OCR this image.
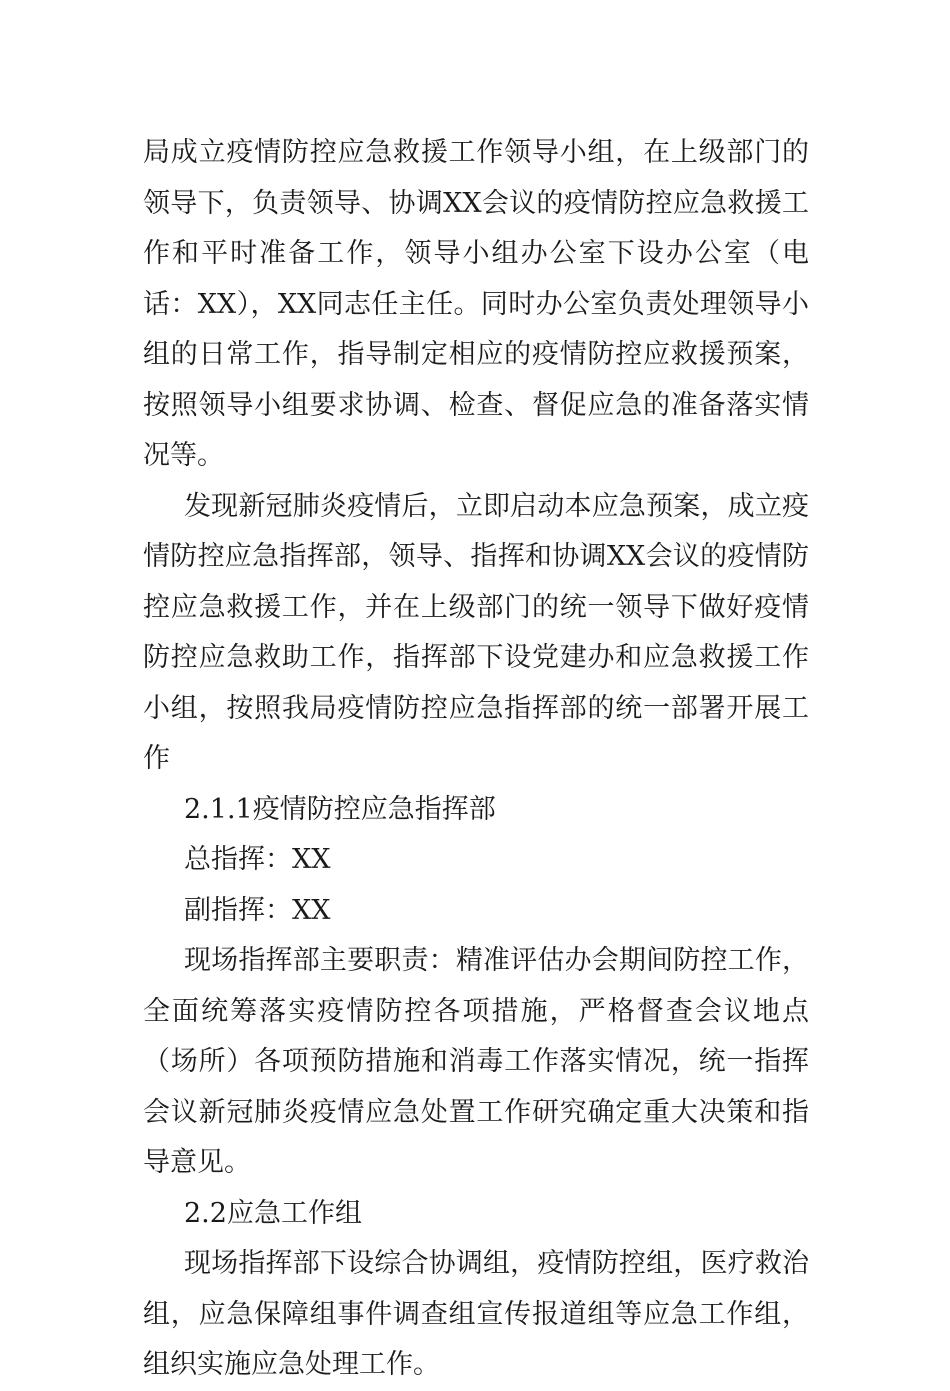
局成立疫情防控应急救援工作领导小组，在上级部门的领导下，负责领导、协调XX会议的疫情防控应急救援工作和平时准备工作，领导小组办公室下设办公室（电话：XX），XX同志任主任。同时办公室负责处理领导小组的日常工作，指导制定相应的疫情防控应救援预案，按照领导小组要求协调、检查、督促应急的准备落实情况等。

发现新冠肺炎疫情后，立即启动本应急预案，成立疫情防控应急指挥部，领导、指挥和协调XX会议的疫情防控应急救援工作，并在上级部门的统一领导下做好疫情防控应急救助工作，指挥部下设党建办和应急救援工作小组，按照我局疫情防控应急指挥部的统一部署开展工作

2.1.1疫情防控应急指挥部

总指挥：XX

副指挥：XX

现场指挥部主要职责：精准评估办会期间防控工作，全面统筹落实疫情防控各项措施，严格督查会议地点（场所）各项预防措施和消毒工作落实情况，统一指挥会议新冠肺炎疫情应急处置工作研究确定重大决策和指导意见。

2.2应急工作组

现场指挥部下设综合协调组，疫情防控组，医疗救治组，应急保障组事件调查组宣传报道组等应急工作组，组织实施应急处理工作。
